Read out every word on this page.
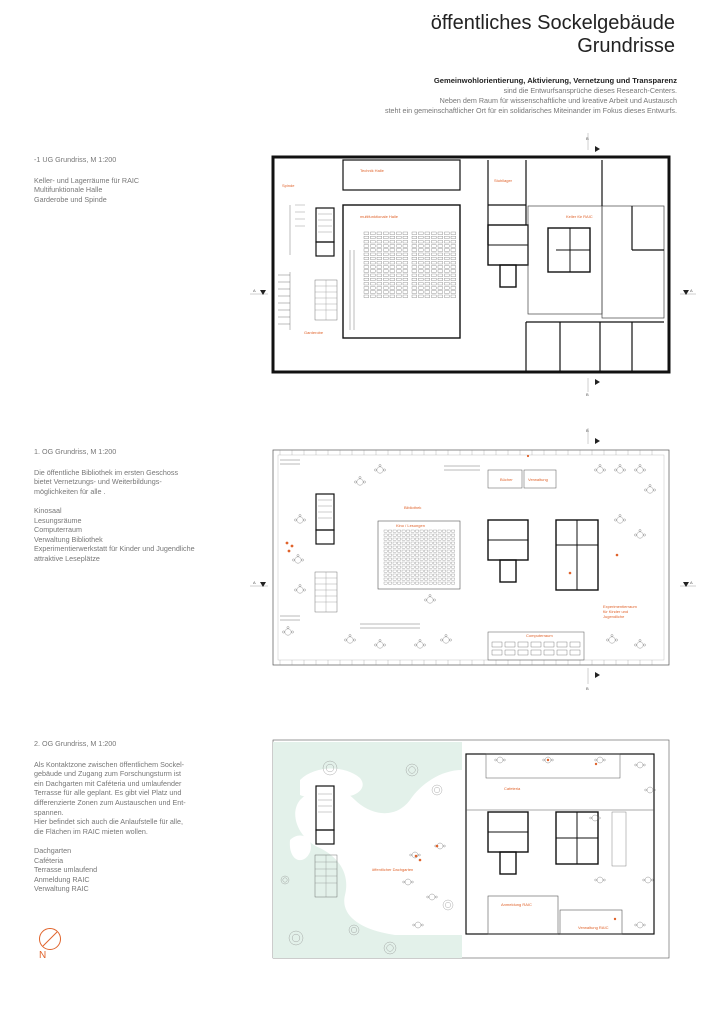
öffentliches Sockelgebäude
Grundrisse
Gemeinwohlorientierung, Aktivierung, Vernetzung und Transparenz
sind die Entwurfsansprüche dieses Research-Centers.
Neben dem Raum für wissenschaftliche und kreative Arbeit und Austausch
steht ein gemeinschaftlicher Ort für ein solidarisches Miteinander im Fokus dieses Entwurfs.
-1 UG Grundriss, M 1:200
Keller- und Lagerräume für RAIC
Multifunktionale Halle
Garderobe und Spinde
1. OG Grundriss, M 1:200
Die öffentliche Bibliothek im ersten Geschoss
bietet Vernetzungs- und Weiterbildungs-
möglichkeiten für alle .
Kinosaal
Lesungsräume
Computerraum
Verwaltung Bibliothek
Experimentierwerkstatt für Kinder und Jugendliche
attraktive Leseplätze
2. OG Grundriss, M 1:200
Als Kontaktzone zwischen öffentlichem Sockel-
gebäude und Zugang zum Forschungsturm ist
ein Dachgarten mit Caféteria und umlaufender
Terrasse für alle geplant. Es gibt viel Platz und
differenzierte Zonen zum Austauschen und Ent-
spannen.
Hier befindet sich auch die Anlaufstelle für alle,
die Flächen im RAIC mieten wollen.
Dachgarten
Caféteria
Terrasse umlaufend
Anmeldung RAIC
Verwaltung RAIC
B
B
A	A
Technik Halle
Spinde
Stuhllager
multifunktionale Halle	Keller für RAIC
Garderobe
B
B
A	A
Bücher	Verwaltung
Bibliothek
Kino / Lesungen
Experimentierraum
für Kinder und
Jugendliche
Computerraum
Cafeteria
öffentlicher Dachgarten
Anmeldung RAIC
Verwaltung RAIC
N
